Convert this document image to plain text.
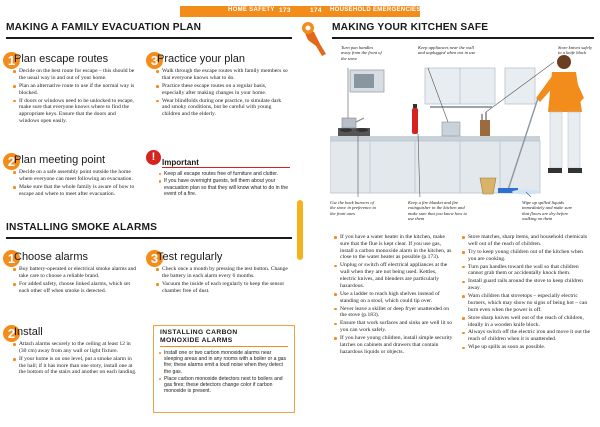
HOME SAFETY 173
MAKING A FAMILY EVACUATION PLAN
1
Plan escape routes
Decide on the best route for escape – this should be the usual way in and out of your home.
Plan an alternative route to use if the normal way is blocked.
If doors or windows need to be unlocked to escape, make sure that everyone knows where to find the appropriate keys. Ensure that the doors and windows open easily.
3
Practice your plan
Walk through the escape routes with family members so that everyone knows what to do.
Practice these escape routes on a regular basis, especially after making changes in your home.
Wear blindfolds during one practice, to simulate dark and smoky conditions, but be careful with young children and the elderly.
2
Plan meeting point
Decide on a safe assembly point outside the home where everyone can meet following an evacuation.
Make sure that the whole family is aware of how to escape and where to meet after evacuation.
! Important
Keep all escape routes free of furniture and clutter.
If you have overnight guests, tell them about your evacuation plan so that they will know what to do in the event of a fire.
INSTALLING SMOKE ALARMS
1
Choose alarms
Buy battery-operated or electrical smoke alarms and take care to choose a reliable brand.
For added safety, choose linked alarms, which set each other off when smoke is detected.
3
Test regularly
Check once a month by pressing the test button. Change the battery in each alarm every 6 months.
Vacuum the inside of each regularly to keep the sensor chamber free of dust.
2
Install
Attach alarms securely to the ceiling at least 12 in (30 cm) away from any wall or light fixture.
If your home is on one level, put a smoke alarm in the hall; if it has more than one story, install one at the bottom of the stairs and another on each landing.
INSTALLING CARBON
MONOXIDE ALARMS
Install one or two carbon monoxide alarms near sleeping areas and in any rooms with a boiler or a gas fire; these alarms emit a loud noise when they detect the gas.
Place carbon monoxide detectors next to boilers and gas fires; these detectors change color if carbon monoxide is present.
174 HOUSEHOLD EMERGENCIES
MAKING YOUR KITCHEN SAFE
Turn pan handles away from the front of the stove
Keep appliances near the wall and unplugged when not in use
Store knives safely in a knife block
Use the back burners of the stove in preference to the front ones
Keep a fire blanket and fire extinguisher in the kitchen and make sure that you know how to use them
Wipe up spilled liquids immediately and make sure that floors are dry before walking on them
If you have a water heater in the kitchen, make sure that the flue is kept clear. If you use gas, install a carbon monoxide alarm in the kitchen, as close to the water heater as possible (p.173).
Unplug or switch off electrical appliances at the wall when they are not being used. Kettles, electric knives, and blenders are particularly hazardous.
Use a ladder to reach high shelves instead of standing on a stool, which could tip over.
Never leave a skillet or deep fryer unattended on the stove (p.183).
Ensure that work surfaces and sinks are well lit so you can work safely.
If you have young children, install simple security latches on cabinets and drawers that contain hazardous liquids or objects.
Store matches, sharp items, and household chemicals well out of the reach of children.
Try to keep young children out of the kitchen when you are cooking.
Turn pan handles toward the wall so that children cannot grab them or accidentally knock them.
Install guard rails around the stove to keep children away.
Warn children that stovetops – especially electric burners, which may show no signs of being hot – can burn even when the power is off.
Store sharp knives well out of the reach of children, ideally in a wooden knife block.
Always switch off the electric iron and move it out the reach of children when it is unattended.
Wipe up spills as soon as possible.
